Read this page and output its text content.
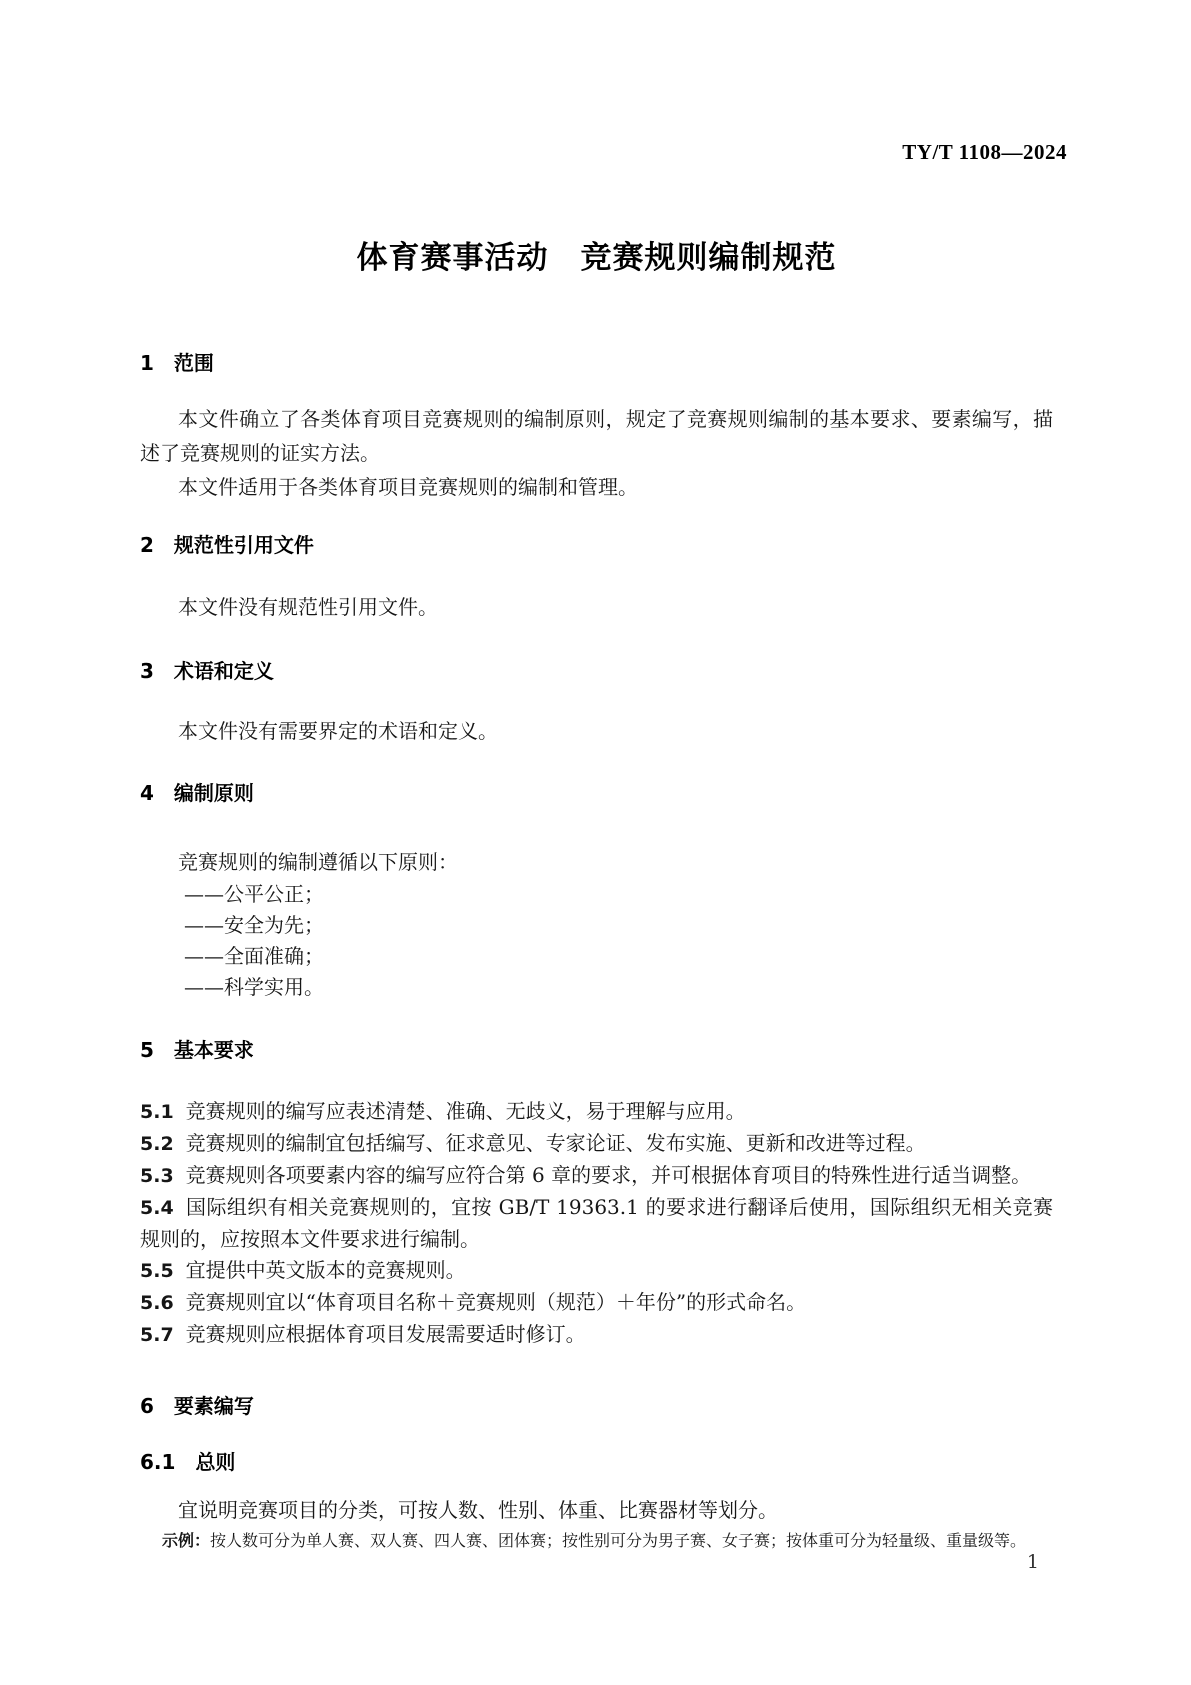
TY/T 1108—2024
体育赛事活动　竞赛规则编制规范
1 范围

本文件确立了各类体育项目竞赛规则的编制原则，规定了竞赛规则编制的基本要求、要素编写，描述了竞赛规则的证实方法。

本文件适用于各类体育项目竞赛规则的编制和管理。

2 规范性引用文件

本文件没有规范性引用文件。

3 术语和定义

本文件没有需要界定的术语和定义。

4 编制原则

竞赛规则的编制遵循以下原则：

——公平公正；
——安全为先；
——全面准确；
——科学实用。
5 基本要求

5.1 竞赛规则的编写应表述清楚、准确、无歧义，易于理解与应用。

5.2 竞赛规则的编制宜包括编写、征求意见、专家论证、发布实施、更新和改进等过程。

5.3 竞赛规则各项要素内容的编写应符合第 6 章的要求，并可根据体育项目的特殊性进行适当调整。

5.4 国际组织有相关竞赛规则的，宜按 GB/T 19363.1 的要求进行翻译后使用，国际组织无相关竞赛规则的，应按照本文件要求进行编制。

5.5 宜提供中英文版本的竞赛规则。

5.6 竞赛规则宜以“体育项目名称＋竞赛规则（规范）＋年份”的形式命名。

5.7 竞赛规则应根据体育项目发展需要适时修订。

6 要素编写
6.1 总则

宜说明竞赛项目的分类，可按人数、性别、体重、比赛器材等划分。

示例：按人数可分为单人赛、双人赛、四人赛、团体赛；按性别可分为男子赛、女子赛；按体重可分为轻量级、重量级等。

1
